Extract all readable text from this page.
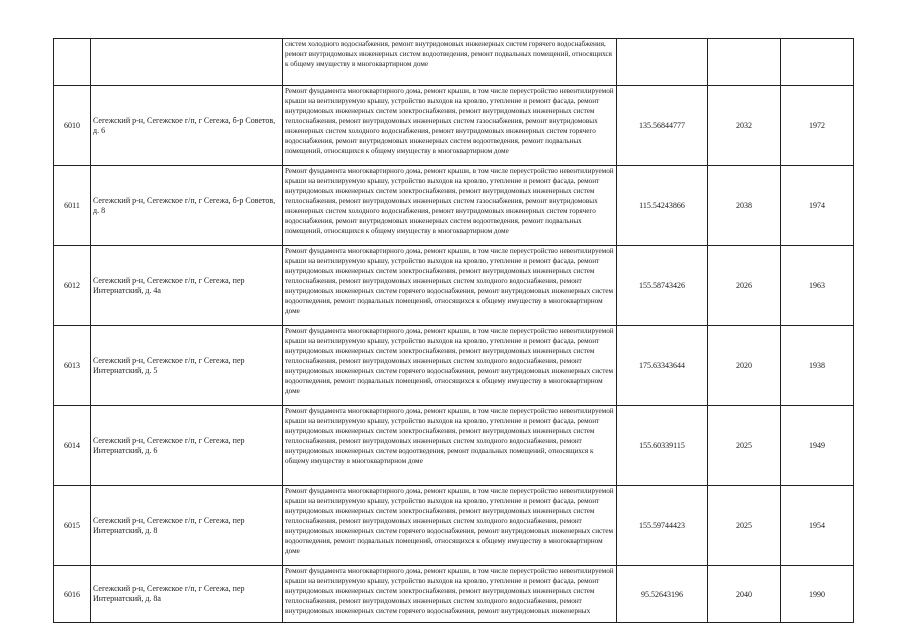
		систем холодного водоснабжения, ремонт внутридомовых инженерных систем горячего водоснабжения, ремонт внутридомовых инженерных систем водоотведения, ремонт подвальных помещений, относящихся к общему имуществу в многоквартирном доме			

6010	Сегежский р-н, Сегежское г/п, г Сегежа, б-р Советов, д. 6	Ремонт фундамента многоквартирного дома, ремонт крыши, в том числе переустройство невентилируемой крыши на вентилируемую крышу, устройство выходов на кровлю, утепление и ремонт фасада, ремонт внутридомовых инженерных систем электроснабжения, ремонт внутридомовых инженерных систем теплоснабжения, ремонт внутридомовых инженерных систем газоснабжения, ремонт внутридомовых инженерных систем холодного водоснабжения, ремонт внутридомовых инженерных систем горячего водоснабжения, ремонт внутридомовых инженерных систем водоотведения, ремонт подвальных помещений, относящихся к общему имуществу в многоквартирном доме	135.56844777	2032	1972
6011	Сегежский р-н, Сегежское г/п, г Сегежа, б-р Советов, д. 8	Ремонт фундамента многоквартирного дома, ремонт крыши, в том числе переустройство невентилируемой крыши на вентилируемую крышу, устройство выходов на кровлю, утепление и ремонт фасада, ремонт внутридомовых инженерных систем электроснабжения, ремонт внутридомовых инженерных систем теплоснабжения, ремонт внутридомовых инженерных систем газоснабжения, ремонт внутридомовых инженерных систем холодного водоснабжения, ремонт внутридомовых инженерных систем горячего водоснабжения, ремонт внутридомовых инженерных систем водоотведения, ремонт подвальных помещений, относящихся к общему имуществу в многоквартирном доме	115.54243866	2038	1974
6012	Сегежский р-н, Сегежское г/п, г Сегежа, пер Интернатский, д. 4а	Ремонт фундамента многоквартирного дома, ремонт крыши, в том числе переустройство невентилируемой крыши на вентилируемую крышу, устройство выходов на кровлю, утепление и ремонт фасада, ремонт внутридомовых инженерных систем электроснабжения, ремонт внутридомовых инженерных систем теплоснабжения, ремонт внутридомовых инженерных систем холодного водоснабжения, ремонт внутридомовых инженерных систем горячего водоснабжения, ремонт внутридомовых инженерных систем водоотведения, ремонт подвальных помещений, относящихся к общему имуществу в многоквартирном доме	155.58743426	2026	1963
6013	Сегежский р-н, Сегежское г/п, г Сегежа, пер Интернатский, д. 5	Ремонт фундамента многоквартирного дома, ремонт крыши, в том числе переустройство невентилируемой крыши на вентилируемую крышу, устройство выходов на кровлю, утепление и ремонт фасада, ремонт внутридомовых инженерных систем электроснабжения, ремонт внутридомовых инженерных систем теплоснабжения, ремонт внутридомовых инженерных систем холодного водоснабжения, ремонт внутридомовых инженерных систем горячего водоснабжения, ремонт внутридомовых инженерных систем водоотведения, ремонт подвальных помещений, относящихся к общему имуществу в многоквартирном доме	175.63343644	2020	1938
6014	Сегежский р-н, Сегежское г/п, г Сегежа, пер Интернатский, д. 6	Ремонт фундамента многоквартирного дома, ремонт крыши, в том числе переустройство невентилируемой крыши на вентилируемую крышу, устройство выходов на кровлю, утепление и ремонт фасада, ремонт внутридомовых инженерных систем электроснабжения, ремонт внутридомовых инженерных систем теплоснабжения, ремонт внутридомовых инженерных систем холодного водоснабжения, ремонт внутридомовых инженерных систем водоотведения, ремонт подвальных помещений, относящихся к общему имуществу в многоквартирном доме	155.60339115	2025	1949
6015	Сегежский р-н, Сегежское г/п, г Сегежа, пер Интернатский, д. 8	Ремонт фундамента многоквартирного дома, ремонт крыши, в том числе переустройство невентилируемой крыши на вентилируемую крышу, устройство выходов на кровлю, утепление и ремонт фасада, ремонт внутридомовых инженерных систем электроснабжения, ремонт внутридомовых инженерных систем теплоснабжения, ремонт внутридомовых инженерных систем холодного водоснабжения, ремонт внутридомовых инженерных систем горячего водоснабжения, ремонт внутридомовых инженерных систем водоотведения, ремонт подвальных помещений, относящихся к общему имуществу в многоквартирном доме	155.59744423	2025	1954
6016	Сегежский р-н, Сегежское г/п, г Сегежа, пер Интернатский, д. 8а	Ремонт фундамента многоквартирного дома, ремонт крыши, в том числе переустройство невентилируемой крыши на вентилируемую крышу, устройство выходов на кровлю, утепление и ремонт фасада, ремонт внутридомовых инженерных систем электроснабжения, ремонт внутридомовых инженерных систем теплоснабжения, ремонт внутридомовых инженерных систем холодного водоснабжения, ремонт внутридомовых инженерных систем горячего водоснабжения, ремонт внутридомовых инженерных	95.52643196	2040	1990
